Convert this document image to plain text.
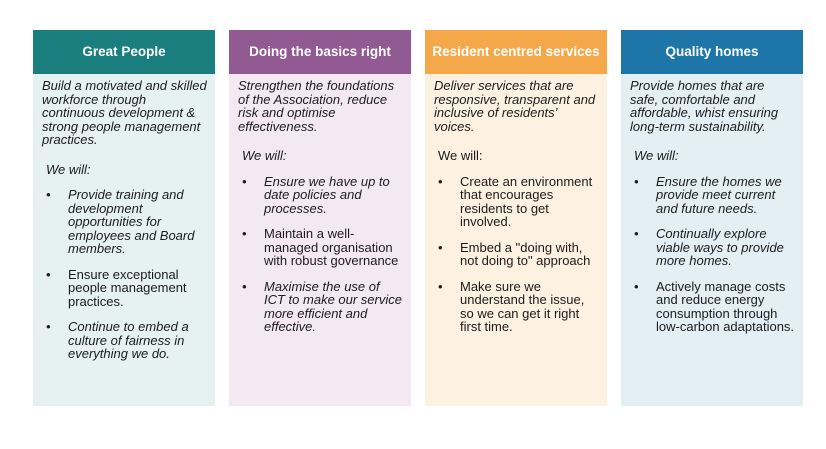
Great People

Build a motivated and skilled workforce through continuous development & strong people management practices.

We will:

• Provide training and development opportunities for employees and Board members.
• Ensure exceptional people management practices.
• Continue to embed a culture of fairness in everything we do.
Doing the basics right

Strengthen the foundations of the Association, reduce risk and optimise effectiveness.

We will:

• Ensure we have up to date policies and processes.
• Maintain a well-managed organisation with robust governance
• Maximise the use of ICT to make our service more efficient and effective.
Resident centred services

Deliver services that are responsive, transparent and inclusive of residents’ voices.

We will:

• Create an environment that encourages residents to get involved.
• Embed a "doing with, not doing to" approach
• Make sure we understand the issue, so we can get it right first time.
Quality homes

Provide homes that are safe, comfortable and affordable, whist ensuring long-term sustainability.

We will:

• Ensure the homes we provide meet current and future needs.
• Continually explore viable ways to provide more homes.
• Actively manage costs and reduce energy consumption through low-carbon adaptations.
